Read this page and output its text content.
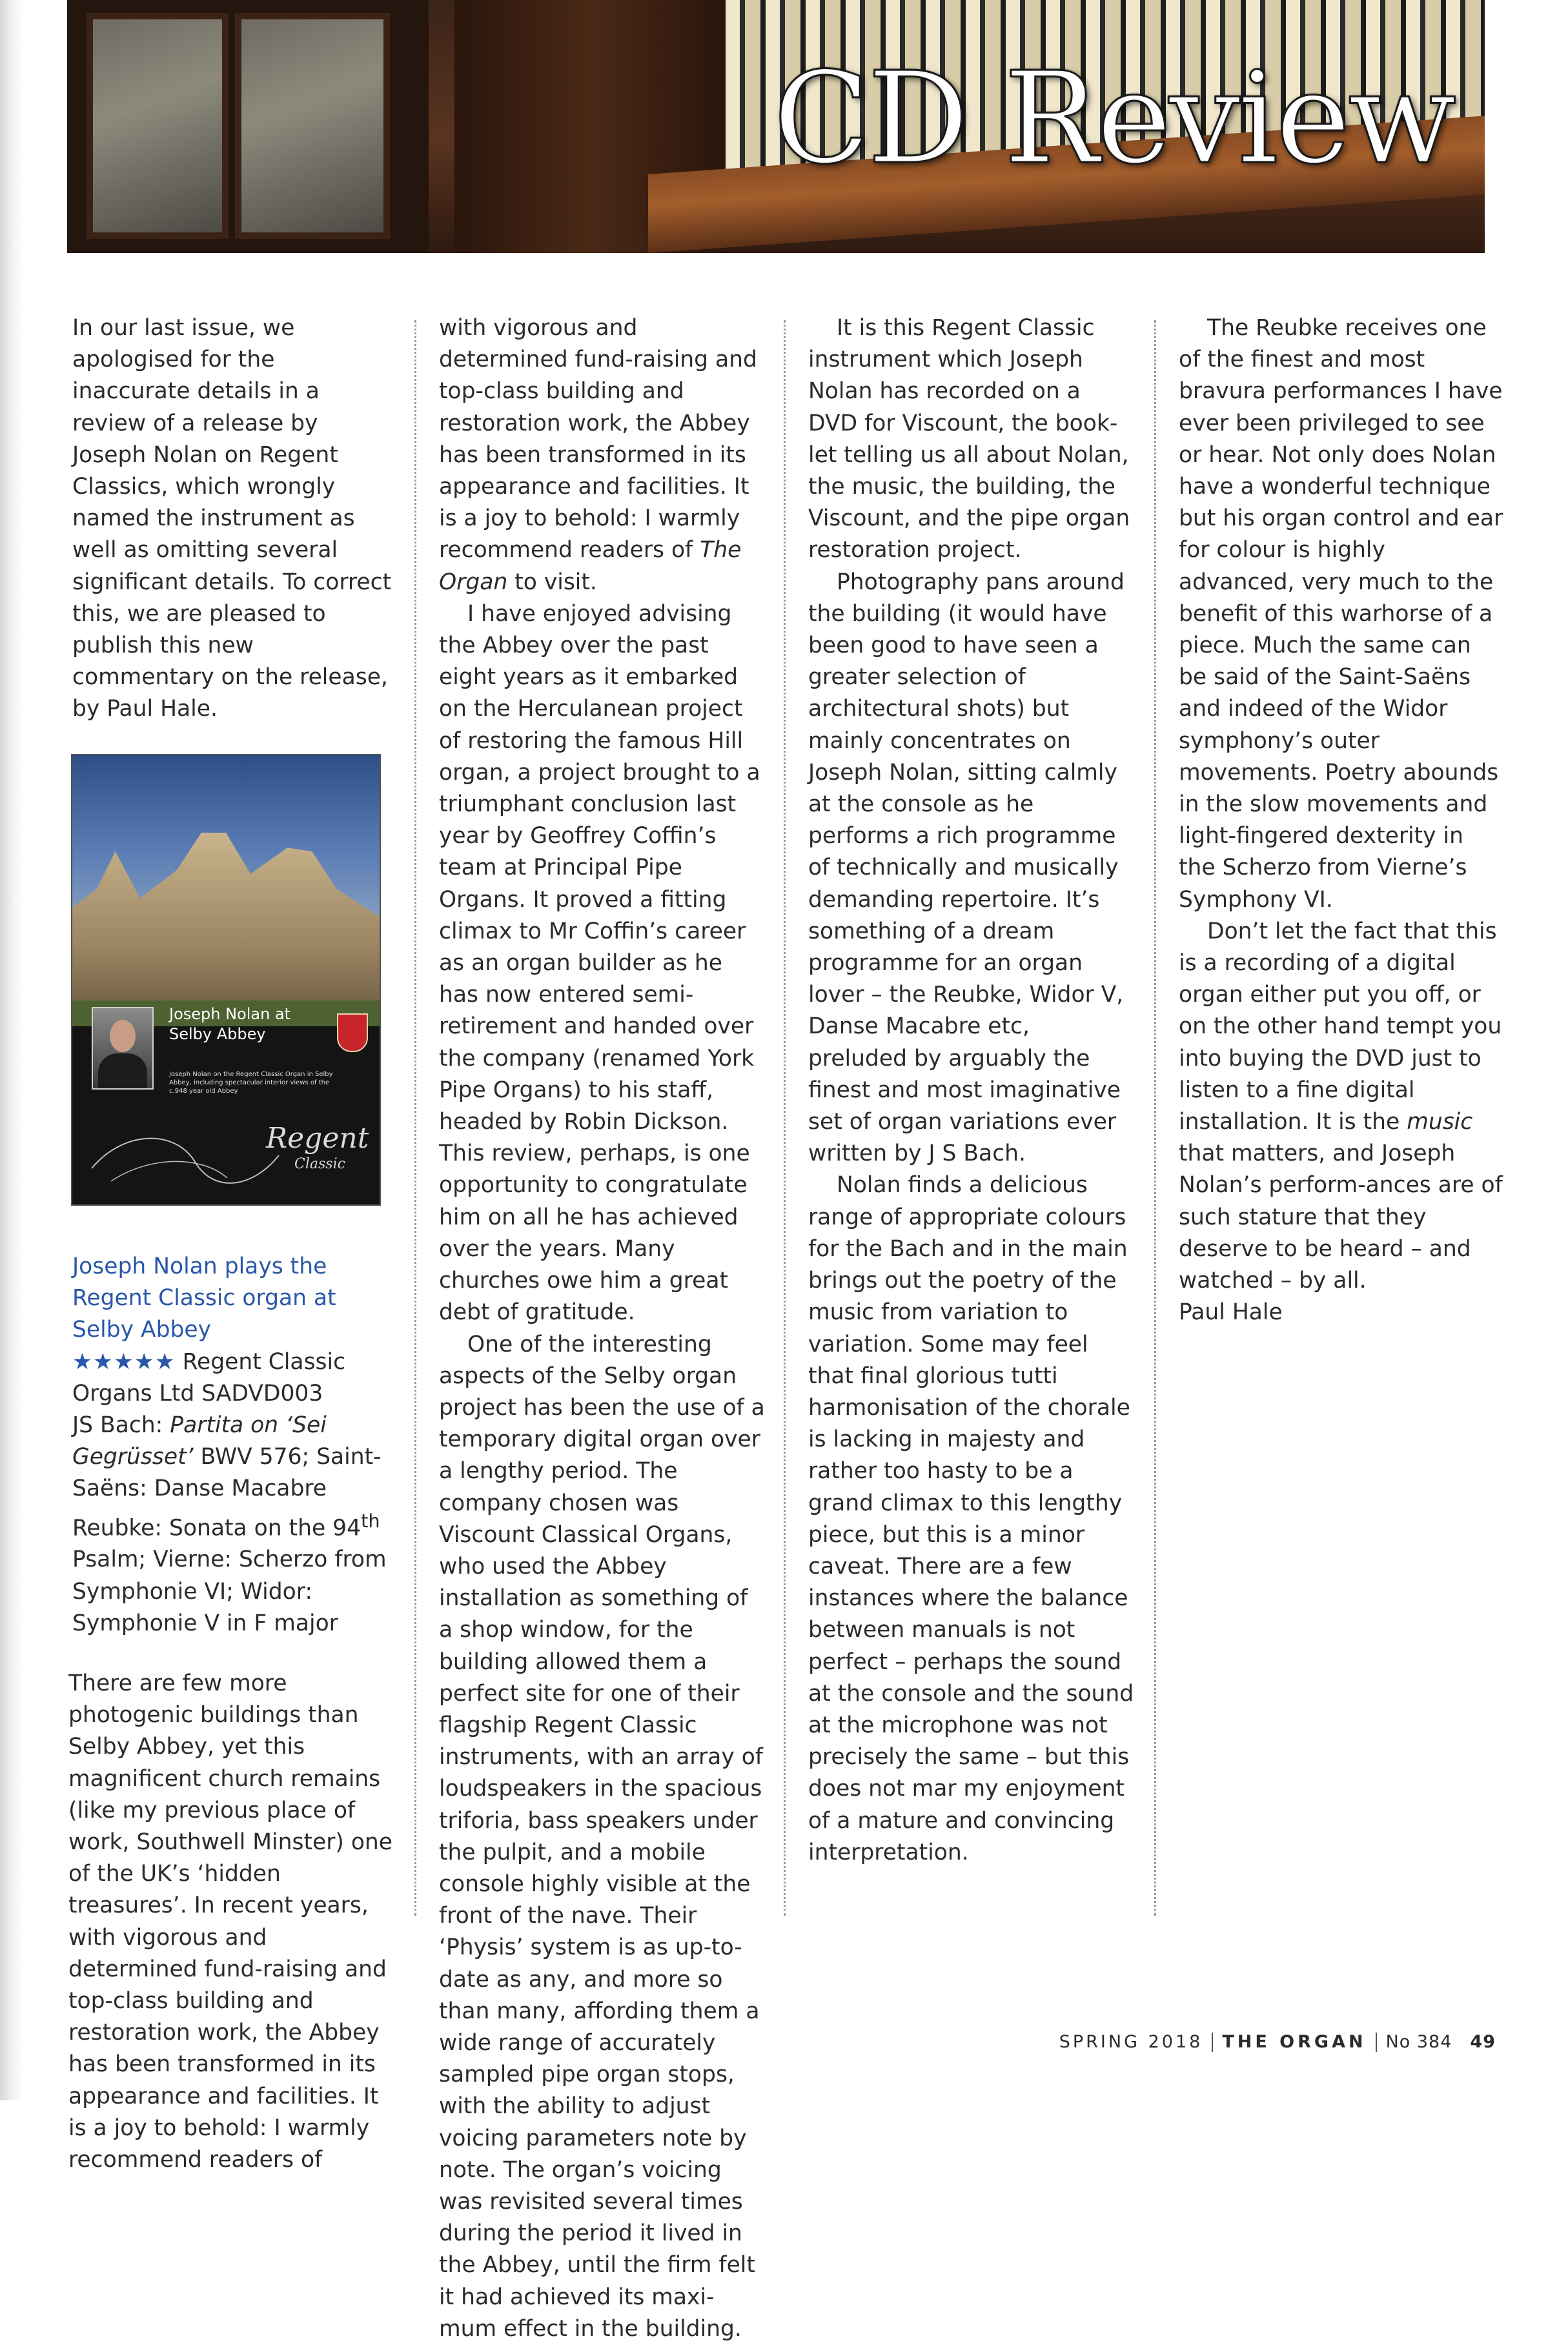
CD Review
In our last issue, we apologised for the inaccurate details in a review of a release by Joseph Nolan on Regent Classics, which wrongly named the instrument as well as omitting several significant details. To correct this, we are pleased to publish this new commentary on the release, by Paul Hale.
Joseph Nolan at Selby Abbey
Joseph Nolan on the Regent Classic Organ in Selby Abbey, including spectacular interior views of the c.948 year old Abbey
Regent
Classic
Joseph Nolan plays the Regent Classic organ at Selby Abbey
★★★★★ Regent Classic Organs Ltd SADVD003
JS Bach: Partita on ‘Sei Gegrüsset’ BWV 576; Saint-Saëns: Danse Macabre Reubke: Sonata on the 94th Psalm; Vierne: Scherzo from Symphonie VI; Widor: Symphonie V in F major

There are few more photogenic buildings than Selby Abbey, yet this magnificent church remains (like my previous place of work, Southwell Minster) one of the UK’s ‘hidden treasures’. In recent years, with vigorous and determined fund-raising and top-class building and restoration work, the Abbey has been transformed in its appearance and facilities. It is a joy to behold: I warmly recommend readers of

with vigorous and determined fund-raising and top-class building and restoration work, the Abbey has been transformed in its appearance and facilities. It is a joy to behold: I warmly recommend readers of The Organ to visit.

I have enjoyed advising the Abbey over the past eight years as it embarked on the Herculanean project of restoring the famous Hill organ, a project brought to a triumphant conclusion last year by Geoffrey Coffin’s team at Principal Pipe Organs. It proved a fitting climax to Mr Coffin’s career as an organ builder as he has now entered semi-retirement and handed over the company (renamed York Pipe Organs) to his staff, headed by Robin Dickson. This review, perhaps, is one opportunity to congratulate him on all he has achieved over the years. Many churches owe him a great debt of gratitude.

One of the interesting aspects of the Selby organ project has been the use of a temporary digital organ over a lengthy period. The company chosen was Viscount Classical Organs, who used the Abbey installation as something of a shop window, for the building allowed them a perfect site for one of their flagship Regent Classic instruments, with an array of loudspeakers in the spacious triforia, bass speakers under the pulpit, and a mobile console highly visible at the front of the nave. Their ‘Physis’ system is as up-to-date as any, and more so than many, affording them a wide range of accurately sampled pipe organ stops, with the ability to adjust voicing parameters note by note. The organ’s voicing was revisited several times during the period it lived in the Abbey, until the firm felt it had achieved its maxi-mum effect in the building.

It is this Regent Classic instrument which Joseph Nolan has recorded on a DVD for Viscount, the book-let telling us all about Nolan, the music, the building, the Viscount, and the pipe organ restoration project.

Photography pans around the building (it would have been good to have seen a greater selection of architectural shots) but mainly concentrates on Joseph Nolan, sitting calmly at the console as he performs a rich programme of technically and musically demanding repertoire. It’s something of a dream programme for an organ lover – the Reubke, Widor V, Danse Macabre etc, preluded by arguably the finest and most imaginative set of organ variations ever written by J S Bach.

Nolan finds a delicious range of appropriate colours for the Bach and in the main brings out the poetry of the music from variation to variation. Some may feel that final glorious tutti harmonisation of the chorale is lacking in majesty and rather too hasty to be a grand climax to this lengthy piece, but this is a minor caveat. There are a few instances where the balance between manuals is not perfect – perhaps the sound at the console and the sound at the microphone was not precisely the same – but this does not mar my enjoyment of a mature and convincing interpretation.

The Reubke receives one of the finest and most bravura performances I have ever been privileged to see or hear. Not only does Nolan have a wonderful technique but his organ control and ear for colour is highly advanced, very much to the benefit of this warhorse of a piece. Much the same can be said of the Saint-Saëns and indeed of the Widor symphony’s outer movements. Poetry abounds in the slow movements and light-fingered dexterity in the Scherzo from Vierne’s Symphony VI.

Don’t let the fact that this is a recording of a digital organ either put you off, or on the other hand tempt you into buying the DVD just to listen to a fine digital installation. It is the music that matters, and Joseph Nolan’s perform-ances are of such stature that they deserve to be heard – and watched – by all.

Paul Hale

SPRING 2018 THE ORGAN No 384 49
